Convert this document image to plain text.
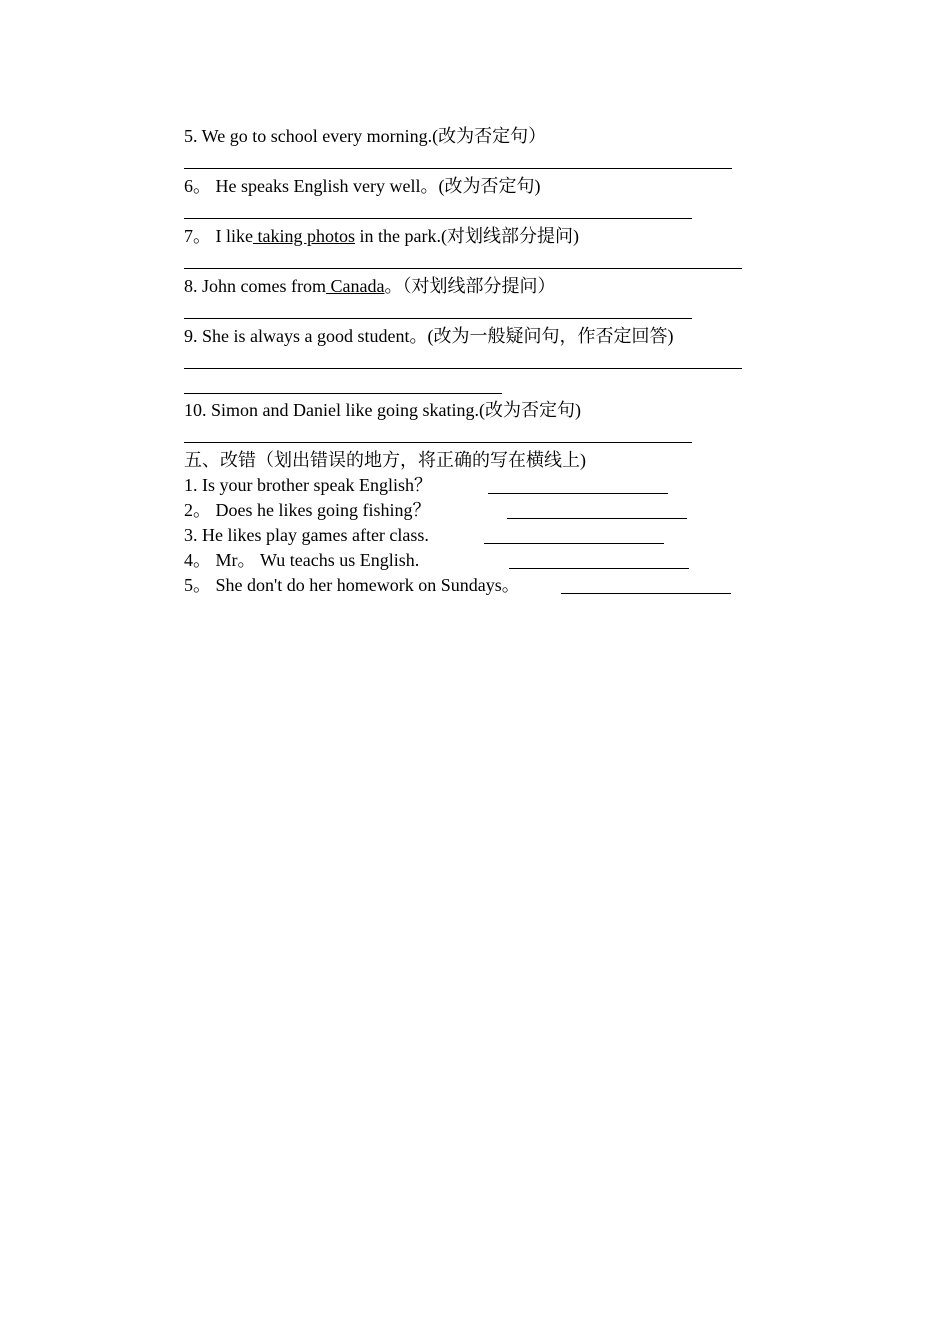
5. We go to school every morning.(改为否定句）
6。 He speaks English very well。(改为否定句)
7。 I like taking photos in the park.(对划线部分提问)
8. John comes from Canada。（对划线部分提问）
9. She is always a good student。(改为一般疑问句，作否定回答)
10. Simon and Daniel like going skating.(改为否定句)
五、改错（划出错误的地方，将正确的写在横线上)
1. Is your brother speak English？
2。 Does he likes going fishing？
3. He likes play games after class.
4。 Mr。 Wu teachs us English.
5。 She don't do her homework on Sundays。
